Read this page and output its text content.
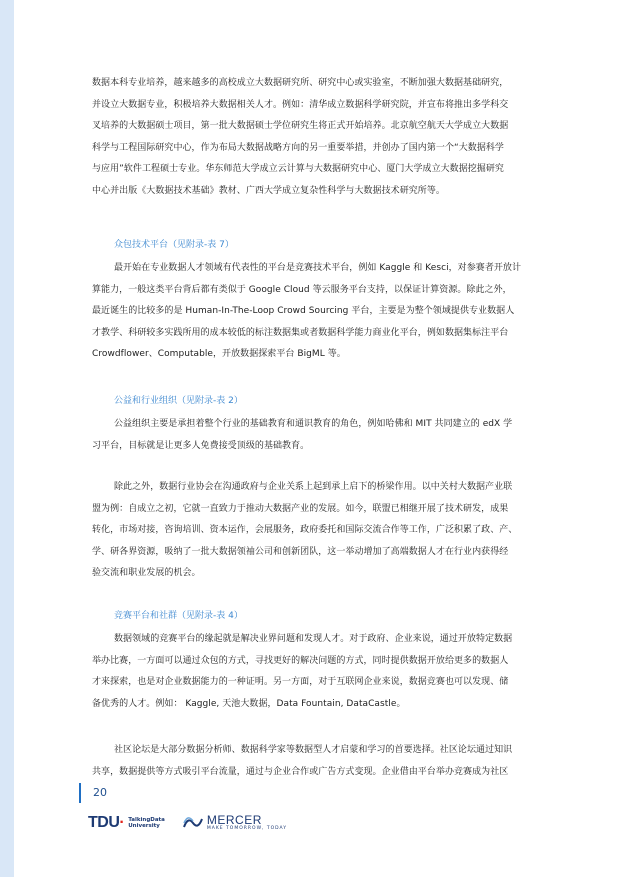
数据本科专业培养，越来越多的高校成立大数据研究所、研究中心或实验室，不断加强大数据基础研究，
并设立大数据专业，积极培养大数据相关人才。例如：清华成立数据科学研究院，并宣布将推出多学科交
叉培养的大数据硕士项目，第一批大数据硕士学位研究生将正式开始培养。北京航空航天大学成立大数据
科学与工程国际研究中心，作为布局大数据战略方向的另一重要举措，并创办了国内第一个“大数据科学
与应用”软件工程硕士专业。华东师范大学成立云计算与大数据研究中心、厦门大学成立大数据挖掘研究
中心并出版《大数据技术基础》教材、广西大学成立复杂性科学与大数据技术研究所等。

众包技术平台（见附录-表 7）

最开始在专业数据人才领域有代表性的平台是竞赛技术平台，例如 Kaggle 和 Kesci，对参赛者开放计
算能力，一般这类平台背后都有类似于 Google Cloud 等云服务平台支持，以保证计算资源。除此之外，
最近诞生的比较多的是 Human-In-The-Loop Crowd Sourcing 平台，主要是为整个领域提供专业数据人
才教学、科研较多实践所用的成本较低的标注数据集或者数据科学能力商业化平台，例如数据集标注平台
Crowdflower、Computable，开放数据探索平台 BigML 等。

公益和行业组织（见附录-表 2）

公益组织主要是承担着整个行业的基础教育和通识教育的角色，例如哈佛和 MIT 共同建立的 edX 学
习平台，目标就是让更多人免费接受顶级的基础教育。
除此之外，数据行业协会在沟通政府与企业关系上起到承上启下的桥梁作用。以中关村大数据产业联
盟为例：自成立之初，它就一直致力于推动大数据产业的发展。如今，联盟已相继开展了技术研发，成果
转化，市场对接，咨询培训、资本运作，会展服务，政府委托和国际交流合作等工作，广泛积累了政、产、
学、研各界资源，吸纳了一批大数据领袖公司和创新团队，这一举动增加了高端数据人才在行业内获得经
验交流和职业发展的机会。

竞赛平台和社群（见附录-表 4）

数据领域的竞赛平台的缘起就是解决业界问题和发现人才。对于政府、企业来说，通过开放特定数据
举办比赛，一方面可以通过众包的方式，寻找更好的解决问题的方式，同时提供数据开放给更多的数据人
才来探索，也是对企业数据能力的一种证明。另一方面，对于互联网企业来说，数据竞赛也可以发现、储
备优秀的人才。例如： Kaggle, 天池大数据，Data Fountain, DataCastle。
社区论坛是大部分数据分析师、数据科学家等数据型人才启蒙和学习的首要选择。社区论坛通过知识
共享，数据提供等方式吸引平台流量，通过与企业合作或广告方式变现。企业借由平台举办竞赛成为社区
20
TDU· TalkingData
University	MERCER
MAKE TOMORROW, TODAY
